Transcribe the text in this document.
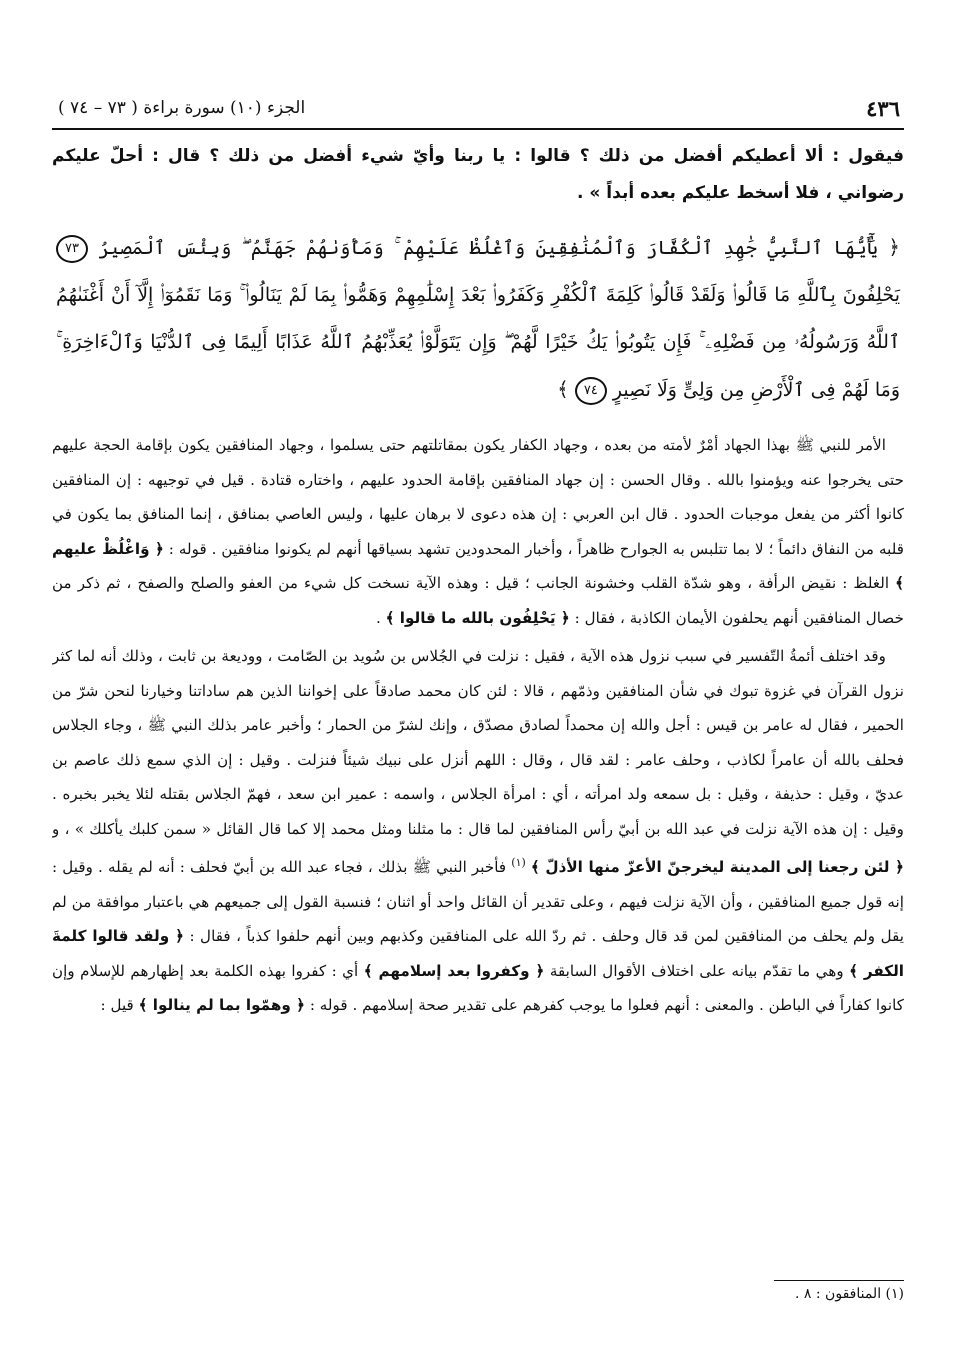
٤٣٦
الجزء (١٠) سورة براءة ( ٧٣ – ٧٤ )

فيقول : ألا أعطيكم أفضل من ذلك ؟ قالوا : يا ربنا وأيّ شيء أفضل من ذلك ؟ قال : أحلّ عليكم رضواني ، فلا أسخط عليكم بعده أبداً » .

﴿ يَٰٓأَيُّهَا ٱلنَّبِيُّ جَٰهِدِ ٱلْكُفَّارَ وَٱلْمُنَٰفِقِينَ وَٱغْلُظْ عَلَيْهِمْ ۚ وَمَأْوَىٰهُمْ جَهَنَّمُ ۖ وَبِئْسَ ٱلْمَصِيرُ ٧٣ يَحْلِفُونَ بِٱللَّهِ مَا قَالُوا۟ وَلَقَدْ قَالُوا۟ كَلِمَةَ ٱلْكُفْرِ وَكَفَرُوا۟ بَعْدَ إِسْلَٰمِهِمْ وَهَمُّوا۟ بِمَا لَمْ يَنَالُوا۟ ۚ وَمَا نَقَمُوٓا۟ إِلَّآ أَنْ أَغْنَىٰهُمُ ٱللَّهُ وَرَسُولُهُۥ مِن فَضْلِهِۦ ۚ فَإِن يَتُوبُوا۟ يَكُ خَيْرًا لَّهُمْ ۖ وَإِن يَتَوَلَّوْا۟ يُعَذِّبْهُمُ ٱللَّهُ عَذَابًا أَلِيمًا فِى ٱلدُّنْيَا وَٱلْءَاخِرَةِ ۚ وَمَا لَهُمْ فِى ٱلْأَرْضِ مِن وَلِىٍّ وَلَا نَصِيرٍ ٧٤ ﴾

الأمر للنبي ﷺ بهذا الجهاد أمْرٌ لأمته من بعده ، وجهاد الكفار يكون بمقاتلتهم حتى يسلموا ، وجهاد المنافقين يكون بإقامة الحجة عليهم حتى يخرجوا عنه ويؤمنوا بالله . وقال الحسن : إن جهاد المنافقين بإقامة الحدود عليهم ، واختاره قتادة . قيل في توجيهه : إن المنافقين كانوا أكثر من يفعل موجبات الحدود . قال ابن العربي : إن هذه دعوى لا برهان عليها ، وليس العاصي بمنافق ، إنما المنافق بما يكون في قلبه من النفاق دائماً ؛ لا بما تتلبس به الجوارح ظاهراً ، وأخبار المحدودين تشهد بسياقها أنهم لم يكونوا منافقين . قوله : ﴿ وَاغْلُظْ عليهم ﴾ الغلظ : نقيض الرأفة ، وهو شدّة القلب وخشونة الجانب ؛ قيل : وهذه الآية نسخت كل شيء من العفو والصلح والصفح ، ثم ذكر من خصال المنافقين أنهم يحلفون الأيمان الكاذبة ، فقال : ﴿ يَحْلِفُون بالله ما قالوا ﴾ .

وقد اختلف أئمةُ التّفسير في سبب نزول هذه الآية ، فقيل : نزلت في الجُلاس بن سُويد بن الصّامت ، ووديعة بن ثابت ، وذلك أنه لما كثر نزول القرآن في غزوة تبوك في شأن المنافقين وذمّهم ، قالا : لئن كان محمد صادقاً على إخواننا الذين هم ساداتنا وخيارنا لنحن شرّ من الحمير ، فقال له عامر بن قيس : أجل والله إن محمداً لصادق مصدّق ، وإنك لشرّ من الحمار ؛ وأخبر عامر بذلك النبي ﷺ ، وجاء الجلاس فحلف بالله أن عامراً لكاذب ، وحلف عامر : لقد قال ، وقال : اللهم أنزل على نبيك شيئاً فنزلت . وقيل : إن الذي سمع ذلك عاصم بن عديّ ، وقيل : حذيفة ، وقيل : بل سمعه ولد امرأته ، أي : امرأة الجلاس ، واسمه : عمير ابن سعد ، فهمّ الجلاس بقتله لئلا يخبر بخبره . وقيل : إن هذه الآية نزلت في عبد الله بن أبيّ رأس المنافقين لما قال : ما مثلنا ومثل محمد إلا كما قال القائل « سمن كلبك يأكلك » ، و ﴿ لئن رجعنا إلى المدينة ليخرجنّ الأعزّ منها الأذلّ ﴾ $^{(١)}$ فأخبر النبي ﷺ بذلك ، فجاء عبد الله بن أبيّ فحلف : أنه لم يقله . وقيل : إنه قول جميع المنافقين ، وأن الآية نزلت فيهم ، وعلى تقدير أن القائل واحد أو اثنان ؛ فنسبة القول إلى جميعهم هي باعتبار موافقة من لم يقل ولم يحلف من المنافقين لمن قد قال وحلف . ثم ردّ الله على المنافقين وكذبهم وبين أنهم حلفوا كذباً ، فقال : ﴿ ولقد قالوا كلمةَ الكفر ﴾ وهي ما تقدّم بيانه على اختلاف الأقوال السابقة ﴿ وكفروا بعد إسلامهم ﴾ أي : كفروا بهذه الكلمة بعد إظهارهم للإسلام وإن كانوا كفاراً في الباطن . والمعنى : أنهم فعلوا ما يوجب كفرهم على تقدير صحة إسلامهم . قوله : ﴿ وهمّوا بما لم ينالوا ﴾ قيل :

(١) المنافقون : ٨ .
